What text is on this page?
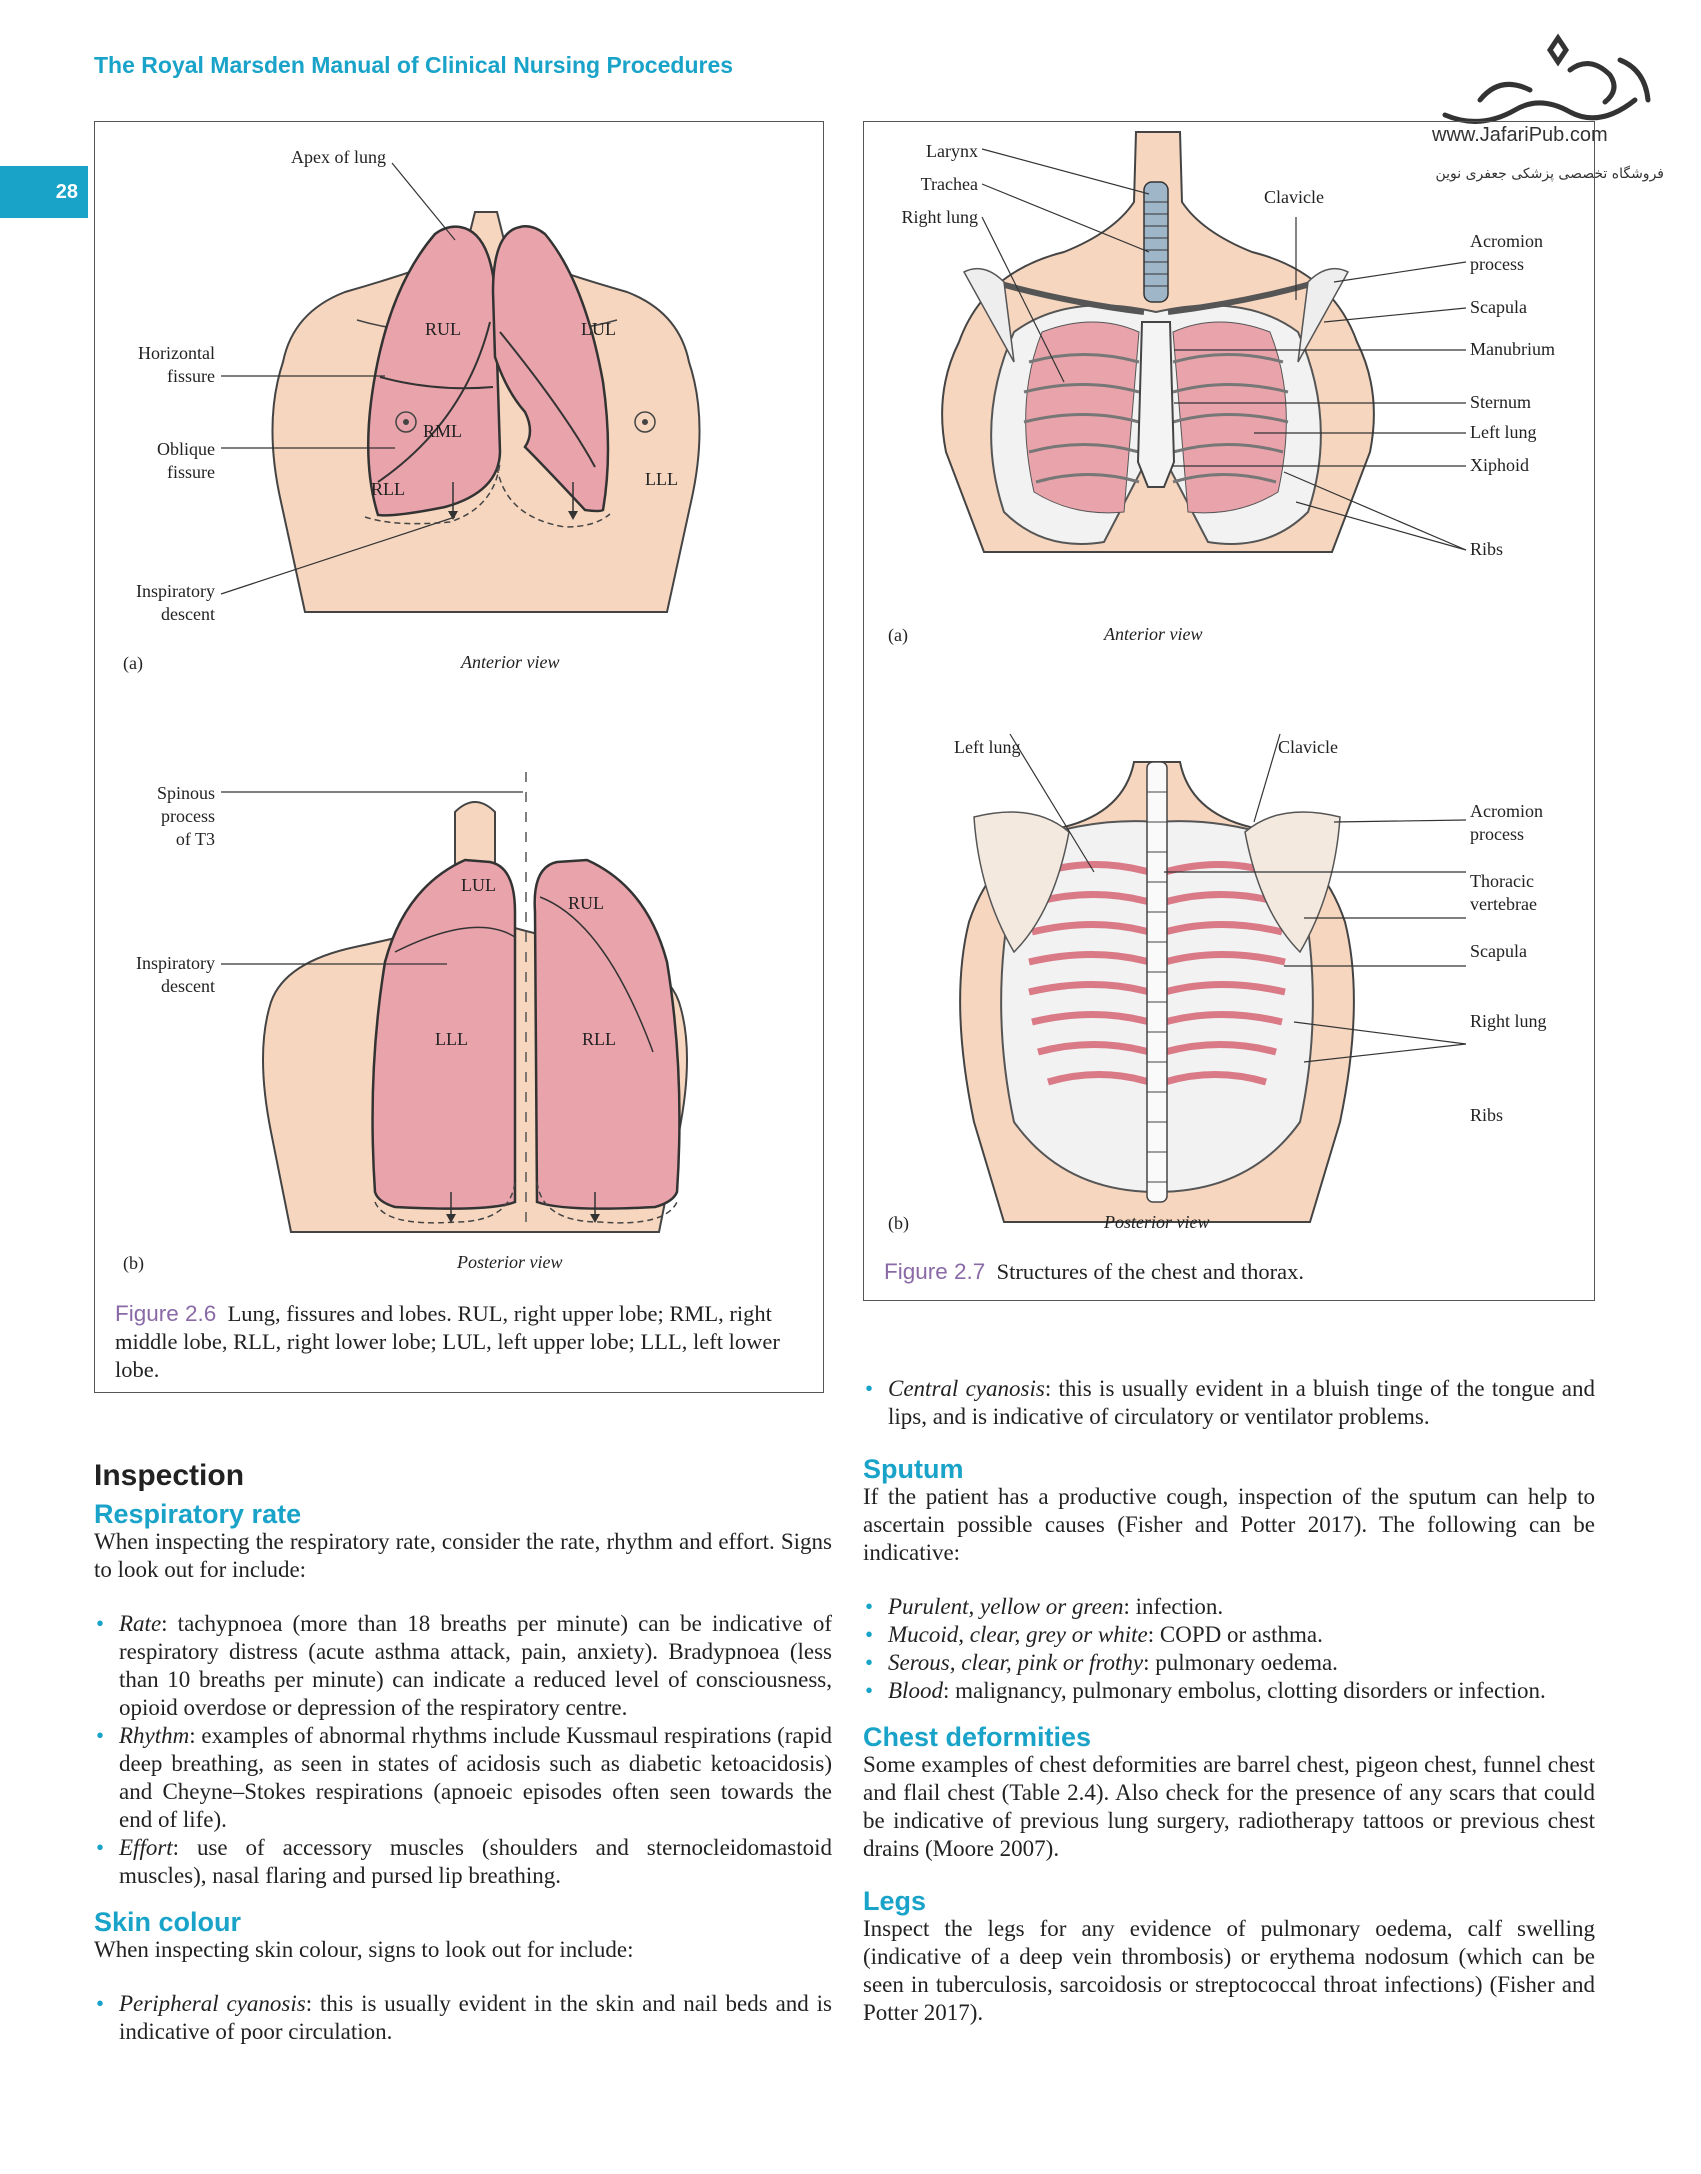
The Royal Marsden Manual of Clinical Nursing Procedures
28
www.JafariPub.com
فروشگاه تخصصی پزشکی جعفری نوین
Apex of lung
Horizontal
fissure
Oblique
fissure
Inspiratory
descent
RUL	LUL
RML
RLL	LLL
(a)	Anterior view
Spinous
process
of T3
Inspiratory
descent
LUL
RUL
LLL	RLL
(b)	Posterior view
Figure 2.6 Lung, fissures and lobes. RUL, right upper lobe; RML, right middle lobe, RLL, right lower lobe; LUL, left upper lobe; LLL, left lower lobe.
Larynx
Trachea
Right lung
Clavicle
Acromion
process
Scapula
Manubrium
Sternum
Left lung
Xiphoid
Ribs
(a)	Anterior view
Left lung	Clavicle
Acromion
process
Thoracic
vertebrae
Scapula
Right lung
Ribs
(b)	Posterior view
Figure 2.7 Structures of the chest and thorax.
Inspection
Respiratory rate

When inspecting the respiratory rate, consider the rate, rhythm and effort. Signs to look out for include:

• Rate: tachypnoea (more than 18 breaths per minute) can be indicative of respiratory distress (acute asthma attack, pain, anxiety). Bradypnoea (less than 10 breaths per minute) can indicate a reduced level of consciousness, opioid overdose or depression of the respiratory centre.
• Rhythm: examples of abnormal rhythms include Kussmaul respirations (rapid deep breathing, as seen in states of acidosis such as diabetic ketoacidosis) and Cheyne–Stokes respirations (apnoeic episodes often seen towards the end of life).
• Effort: use of accessory muscles (shoulders and sternocleidomastoid muscles), nasal flaring and pursed lip breathing.
Skin colour

When inspecting skin colour, signs to look out for include:

• Peripheral cyanosis: this is usually evident in the skin and nail beds and is indicative of poor circulation.
• Central cyanosis: this is usually evident in a bluish tinge of the tongue and lips, and is indicative of circulatory or ventilator problems.
Sputum

If the patient has a productive cough, inspection of the sputum can help to ascertain possible causes (Fisher and Potter 2017). The following can be indicative:

• Purulent, yellow or green: infection.
• Mucoid, clear, grey or white: COPD or asthma.
• Serous, clear, pink or frothy: pulmonary oedema.
• Blood: malignancy, pulmonary embolus, clotting disorders or infection.
Chest deformities

Some examples of chest deformities are barrel chest, pigeon chest, funnel chest and flail chest (Table 2.4). Also check for the presence of any scars that could be indicative of previous lung surgery, radiotherapy tattoos or previous chest drains (Moore 2007).

Legs

Inspect the legs for any evidence of pulmonary oedema, calf swelling (indicative of a deep vein thrombosis) or erythema nodosum (which can be seen in tuberculosis, sarcoidosis or streptococcal throat infections) (Fisher and Potter 2017).
